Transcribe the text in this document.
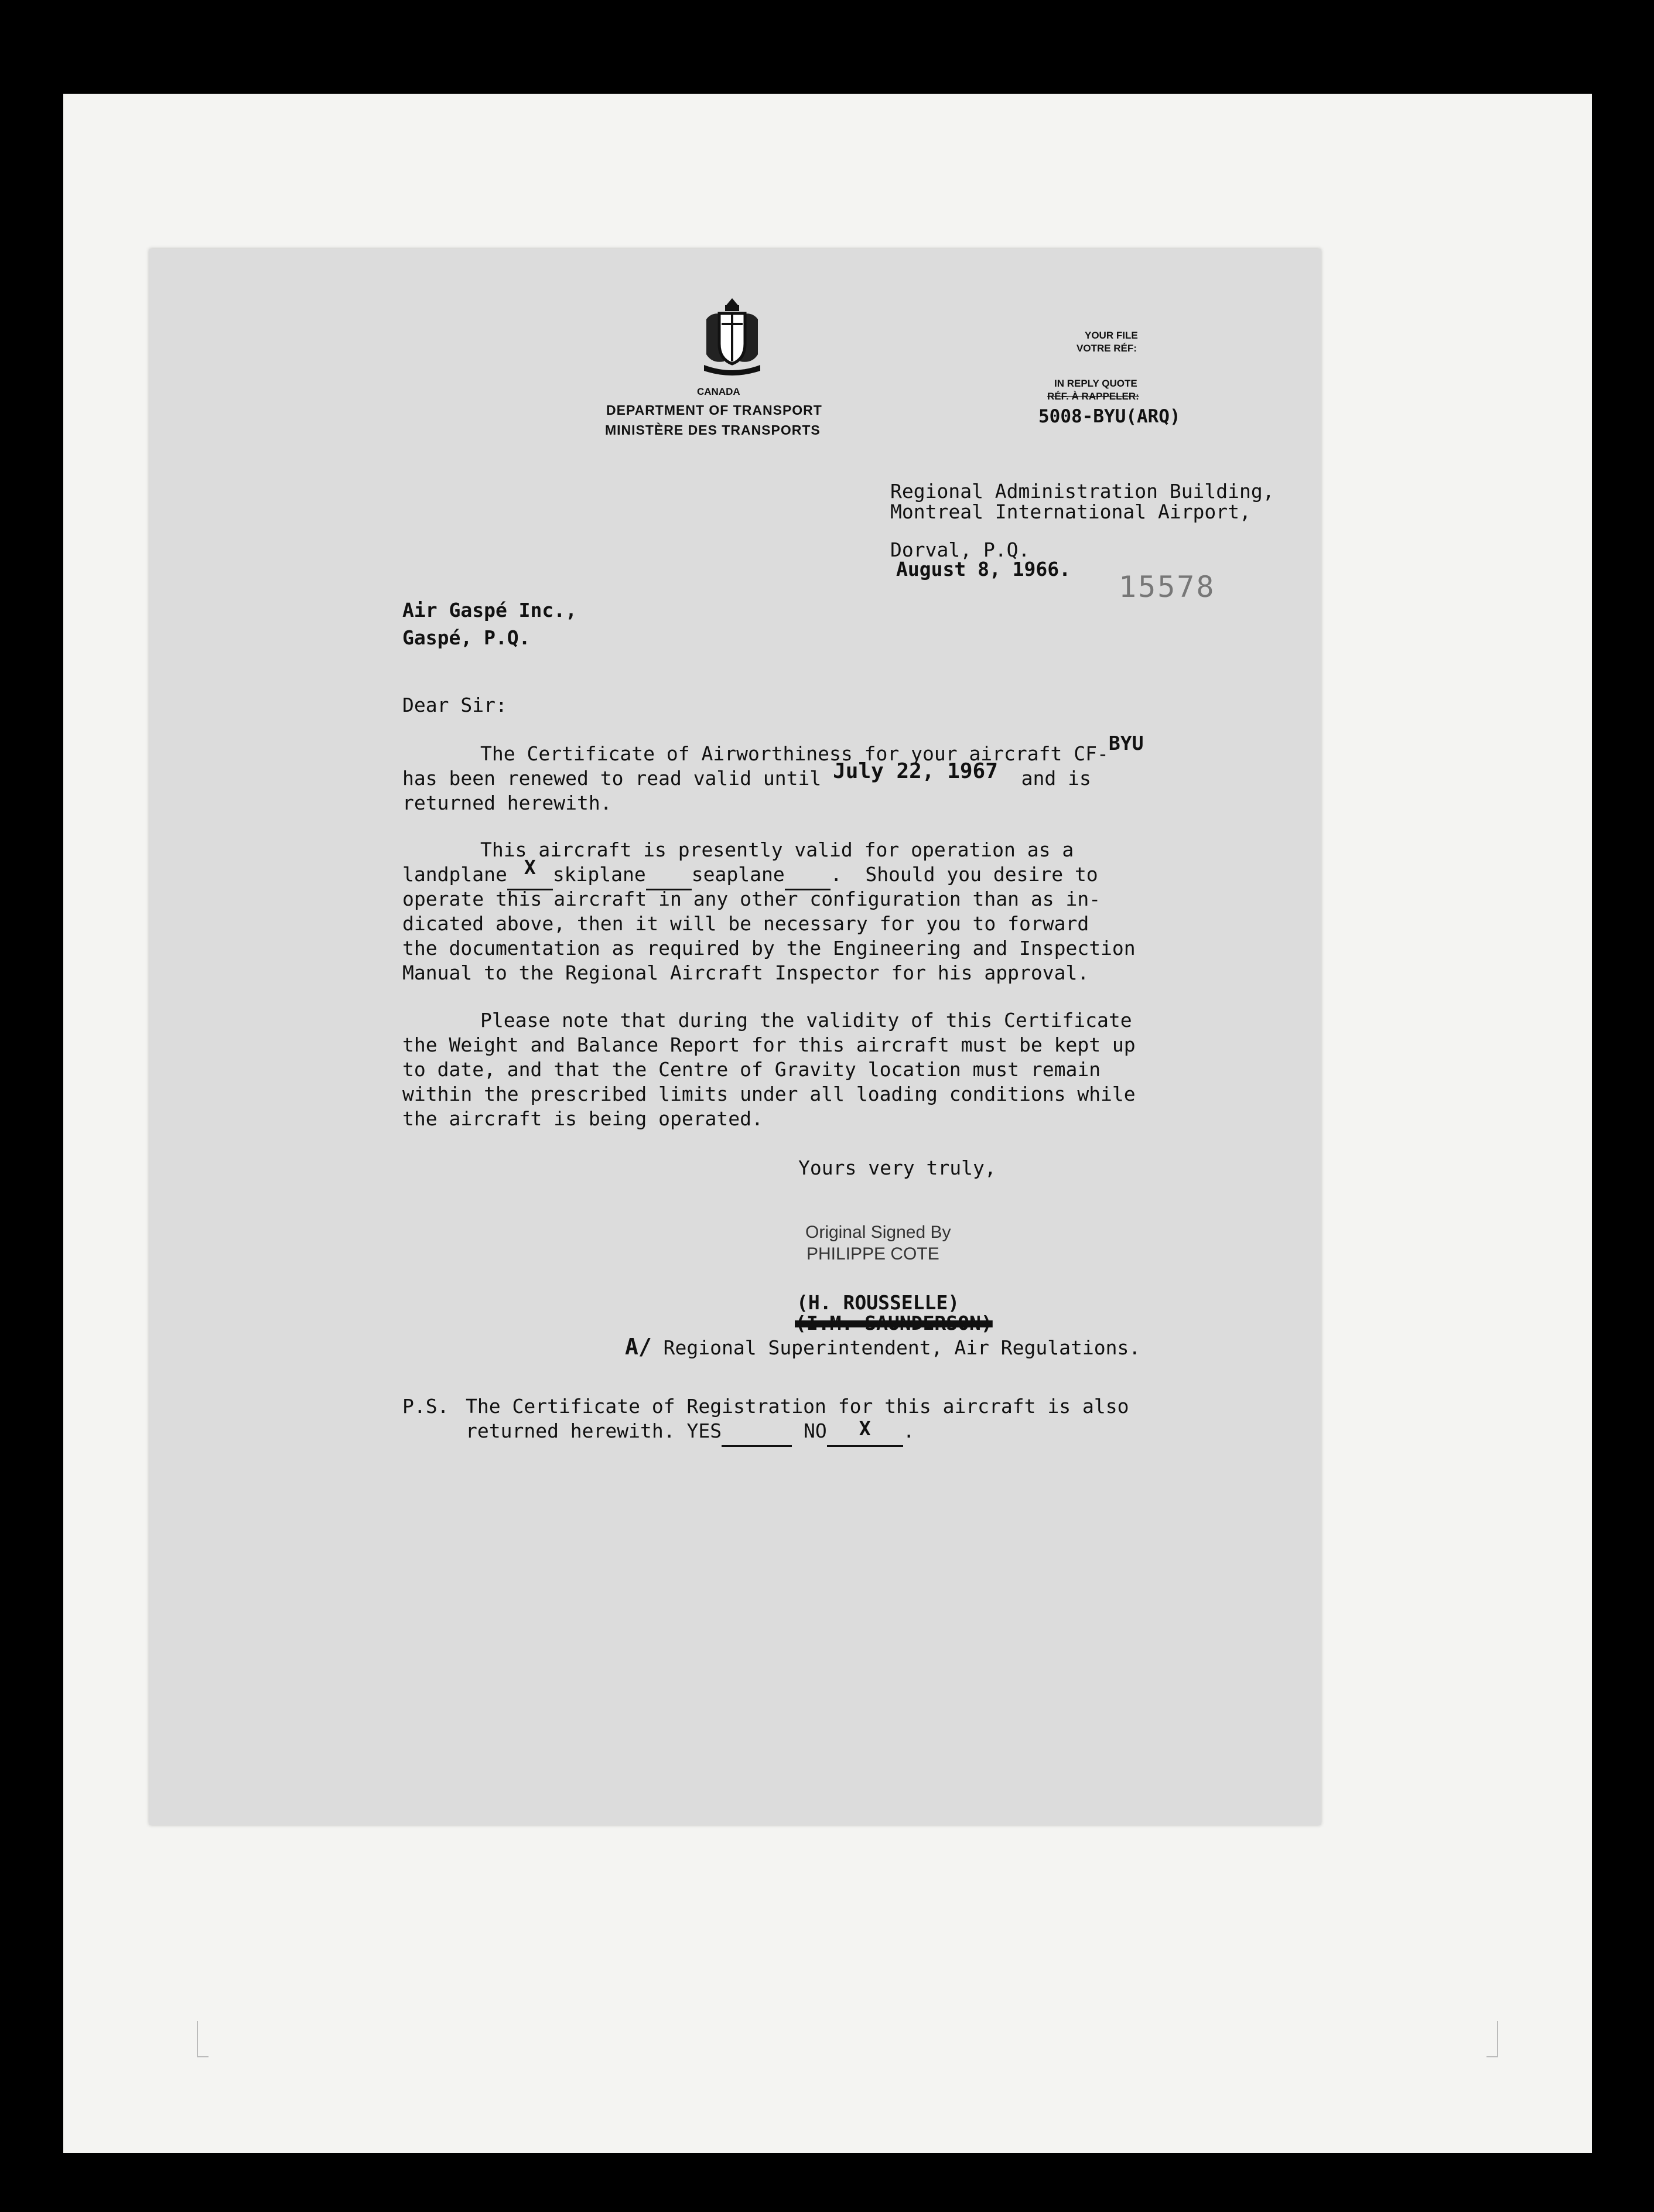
CANADA
DEPARTMENT OF TRANSPORT
MINISTÈRE DES TRANSPORTS
YOUR FILE
VOTRE RÉF:
IN REPLY QUOTE
RÉF. À RAPPELER:
5008-BYU(ARQ)
Regional Administration Building,
Montreal International Airport,
Dorval, P.Q.
August 8, 1966.
15578
Air Gaspé Inc.,
Gaspé, P.Q.
Dear Sir:
The Certificate of Airworthiness for your aircraft CF-BYU
has been renewed to read valid until July 22, 1967  and is
returned herewith.
This aircraft is presently valid for operation as a
landplane X skiplane seaplane .  Should you desire to
operate this aircraft in any other configuration than as in-
dicated above, then it will be necessary for you to forward
the documentation as required by the Engineering and Inspection
Manual to the Regional Aircraft Inspector for his approval.
Please note that during the validity of this Certificate
the Weight and Balance Report for this aircraft must be kept up
to date, and that the Centre of Gravity location must remain
within the prescribed limits under all loading conditions while
the aircraft is being operated.
Yours very truly,
Original Signed By
PHILIPPE COTE
(H. ROUSSELLE)
(I.M. SAUNDERSON)
A/ Regional Superintendent, Air Regulations.
P.S. The Certificate of Registration for this aircraft is also
returned herewith. YES	NO X .
